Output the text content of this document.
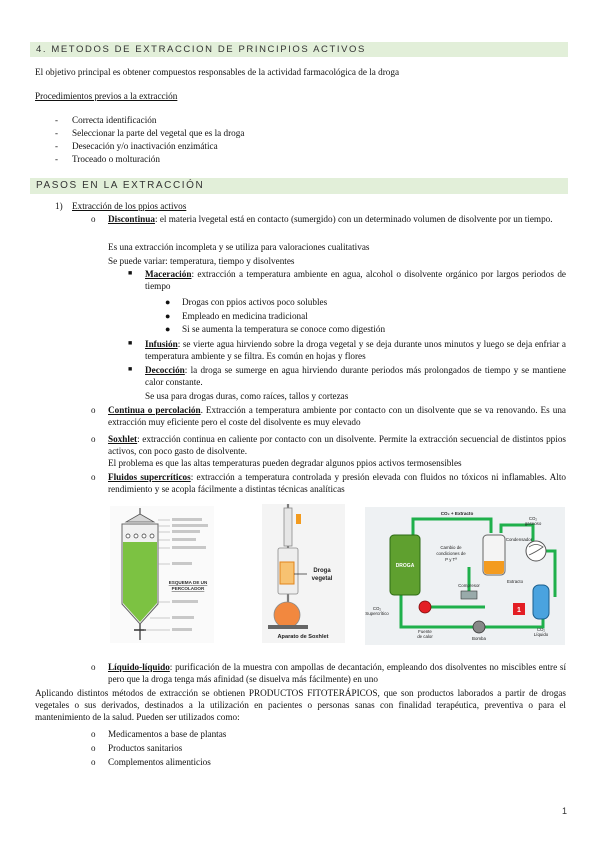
4. METODOS DE EXTRACCION DE PRINCIPIOS ACTIVOS
El objetivo principal es obtener compuestos responsables de la actividad farmacológica de la droga
Procedimientos previos a la extracción
- Correcta identificación
- Seleccionar la parte del vegetal que es la droga
- Desecación y/o inactivación enzimática
- Troceado o molturación
PASOS EN LA EXTRACCIÓN
1) Extracción de los ppios activos
o Discontinua: el materia lvegetal está en contacto (sumergido) con un determinado volumen de disolvente por un tiempo.
Es una extracción incompleta y se utiliza para valoraciones cualitativas
Se puede variar: temperatura, tiempo y disolventes
■ Maceración: extracción a temperatura ambiente en agua, alcohol o disolvente orgánico por largos periodos de tiempo
● Drogas con ppios activos poco solubles
● Empleado en medicina tradicional
● Si se aumenta la temperatura se conoce como digestión
■ Infusión: se vierte agua hirviendo sobre la droga vegetal y se deja durante unos minutos y luego se deja enfriar a temperatura ambiente y se filtra. Es común en hojas y flores
■ Decocción: la droga se sumerge en agua hirviendo durante periodos más prolongados de tiempo y se mantiene calor constante.
Se usa para drogas duras, como raíces, tallos y cortezas
o Continua o percolación. Extracción a temperatura ambiente por contacto con un disolvente que se va renovando. Es una extracción muy eficiente pero el coste del disolvente es muy elevado
o Soxhlet: extracción continua en caliente por contacto con un disolvente. Permite la extracción secuencial de distintos ppios activos, con poco gasto de disolvente.
El problema es que las altas temperaturas pueden degradar algunos ppios activos termosensibles
o Fluidos supercríticos: extracción a temperatura controlada y presión elevada con fluidos no tóxicos ni inflamables. Alto rendimiento y se acopla fácilmente a distintas técnicas analíticas
ESQUEMA DE UN
PERCOLADOR
Droga
vegetal
Aparato de Soxhlet
DROGA
1
CO₂ + Extracto
CO₂
gaseoso
Condensador
Cambio de
condiciones de
P y Tª
Extracto
Compresor
CO₂
Supercrítico
Fuente
de calor	Bomba
CO₂
Líquido
o Líquido-líquido: purificación de la muestra con ampollas de decantación, empleando dos disolventes no miscibles entre sí pero que la droga tenga más afinidad (se disuelva más fácilmente) en uno
Aplicando distintos métodos de extracción se obtienen PRODUCTOS FITOTERÁPICOS, que son productos laborados a partir de drogas vegetales o sus derivados, destinados a la utilización en pacientes o personas sanas con finalidad terapéutica, preventiva o para el mantenimiento de la salud. Pueden ser utilizados como:
o Medicamentos a base de plantas
o Productos sanitarios
o Complementos alimenticios
1
